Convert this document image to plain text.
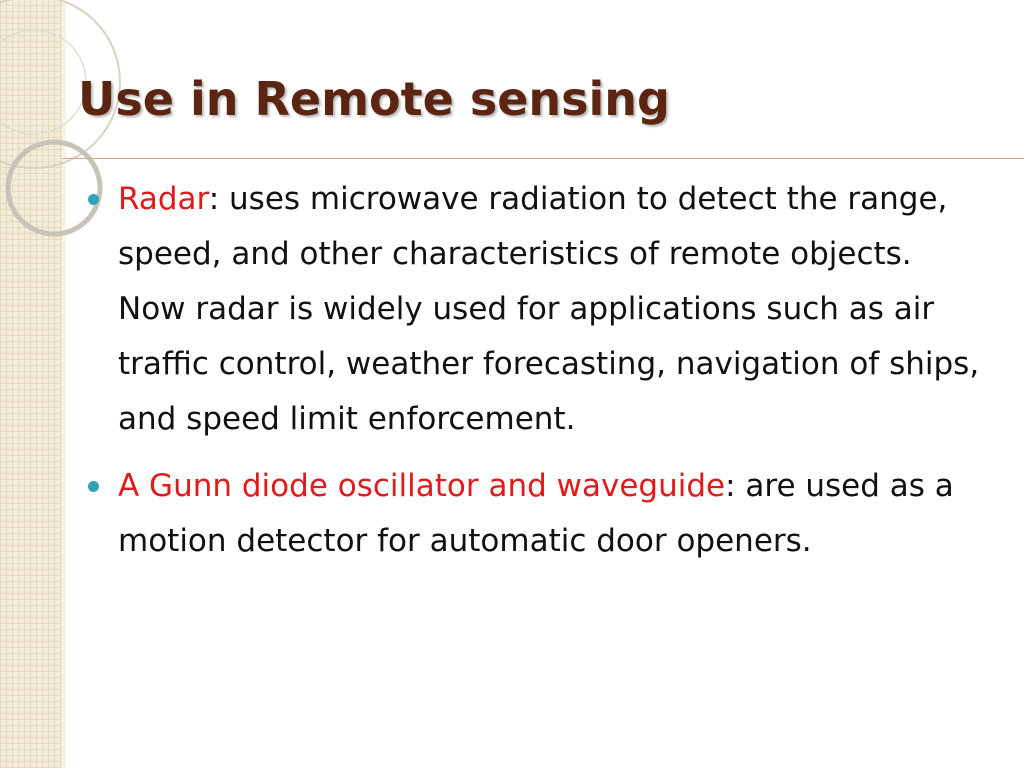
Use in Remote sensing
Radar: uses microwave radiation to detect the range, speed, and other characteristics of remote objects. Now radar is widely used for applications such as air traffic control, weather forecasting, navigation of ships, and speed limit enforcement.
A Gunn diode oscillator and waveguide: are used as a motion detector for automatic door openers.
